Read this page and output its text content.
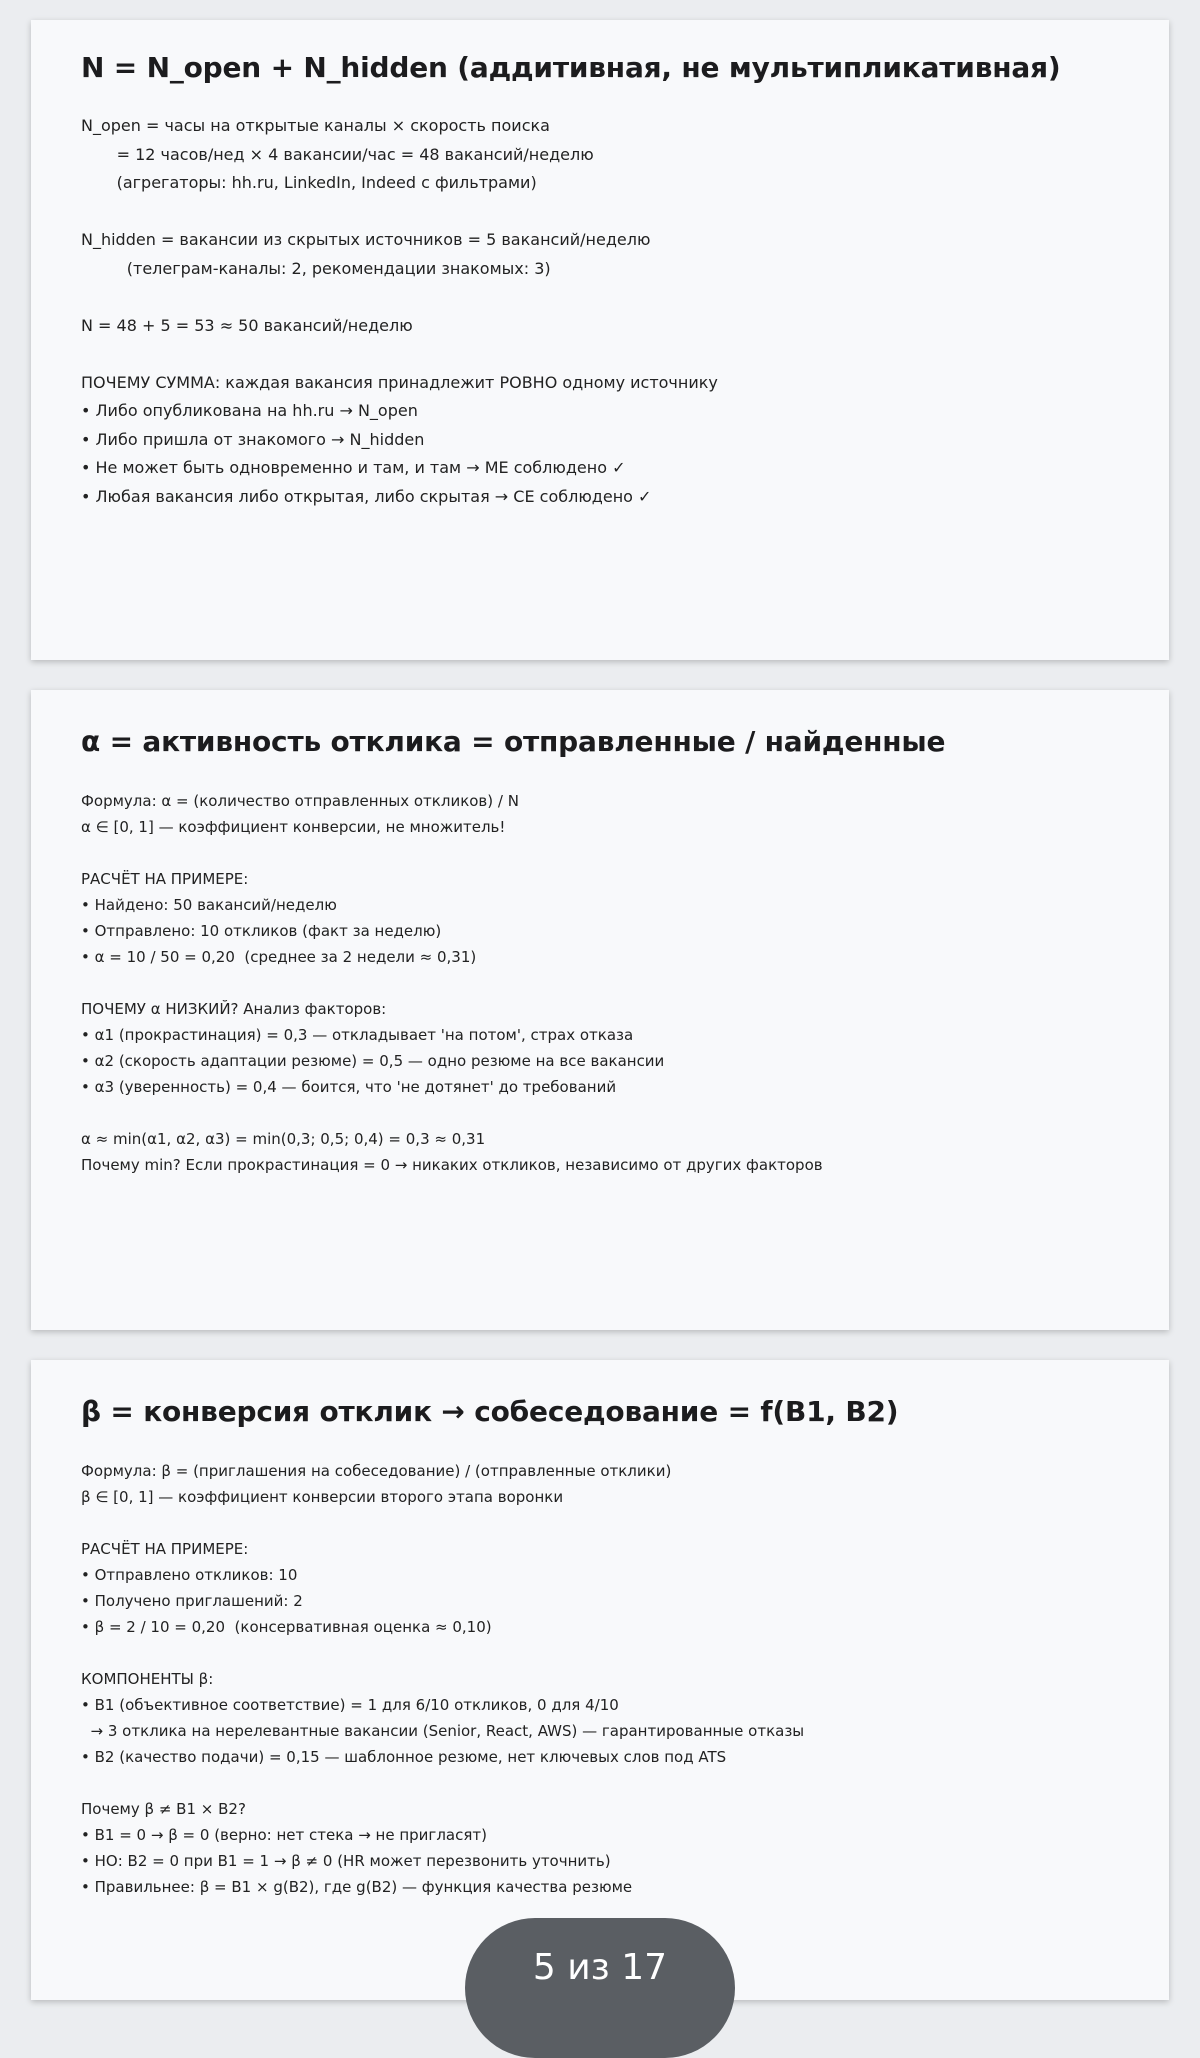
N = N_open + N_hidden (аддитивная, не мультипликативная)
N_open = часы на открытые каналы × скорость поиска
= 12 часов/нед × 4 вакансии/час = 48 вакансий/неделю
(агрегаторы: hh.ru, LinkedIn, Indeed с фильтрами)
N_hidden = вакансии из скрытых источников = 5 вакансий/неделю
(телеграм-каналы: 2, рекомендации знакомых: 3)
N = 48 + 5 = 53 ≈ 50 вакансий/неделю
ПОЧЕМУ СУММА: каждая вакансия принадлежит РОВНО одному источнику
• Либо опубликована на hh.ru → N_open
• Либо пришла от знакомого → N_hidden
• Не может быть одновременно и там, и там → ME соблюдено ✓
• Любая вакансия либо открытая, либо скрытая → CE соблюдено ✓
α = активность отклика = отправленные / найденные
Формула: α = (количество отправленных откликов) / N
α ∈ [0, 1] — коэффициент конверсии, не множитель!
РАСЧЁТ НА ПРИМЕРЕ:
• Найдено: 50 вакансий/неделю
• Отправлено: 10 откликов (факт за неделю)
• α = 10 / 50 = 0,20  (среднее за 2 недели ≈ 0,31)
ПОЧЕМУ α НИЗКИЙ? Анализ факторов:
• α1 (прокрастинация) = 0,3 — откладывает 'на потом', страх отказа
• α2 (скорость адаптации резюме) = 0,5 — одно резюме на все вакансии
• α3 (уверенность) = 0,4 — боится, что 'не дотянет' до требований
α ≈ min(α1, α2, α3) = min(0,3; 0,5; 0,4) = 0,3 ≈ 0,31
Почему min? Если прокрастинация = 0 → никаких откликов, независимо от других факторов
β = конверсия отклик → собеседование = f(B1, B2)
Формула: β = (приглашения на собеседование) / (отправленные отклики)
β ∈ [0, 1] — коэффициент конверсии второго этапа воронки
РАСЧЁТ НА ПРИМЕРЕ:
• Отправлено откликов: 10
• Получено приглашений: 2
• β = 2 / 10 = 0,20  (консервативная оценка ≈ 0,10)
КОМПОНЕНТЫ β:
• B1 (объективное соответствие) = 1 для 6/10 откликов, 0 для 4/10
→ 3 отклика на нерелевантные вакансии (Senior, React, AWS) — гарантированные отказы
• B2 (качество подачи) = 0,15 — шаблонное резюме, нет ключевых слов под ATS
Почему β ≠ B1 × B2?
• B1 = 0 → β = 0 (верно: нет стека → не пригласят)
• НО: B2 = 0 при B1 = 1 → β ≠ 0 (HR может перезвонить уточнить)
• Правильнее: β = B1 × g(B2), где g(B2) — функция качества резюме
5 из 17
